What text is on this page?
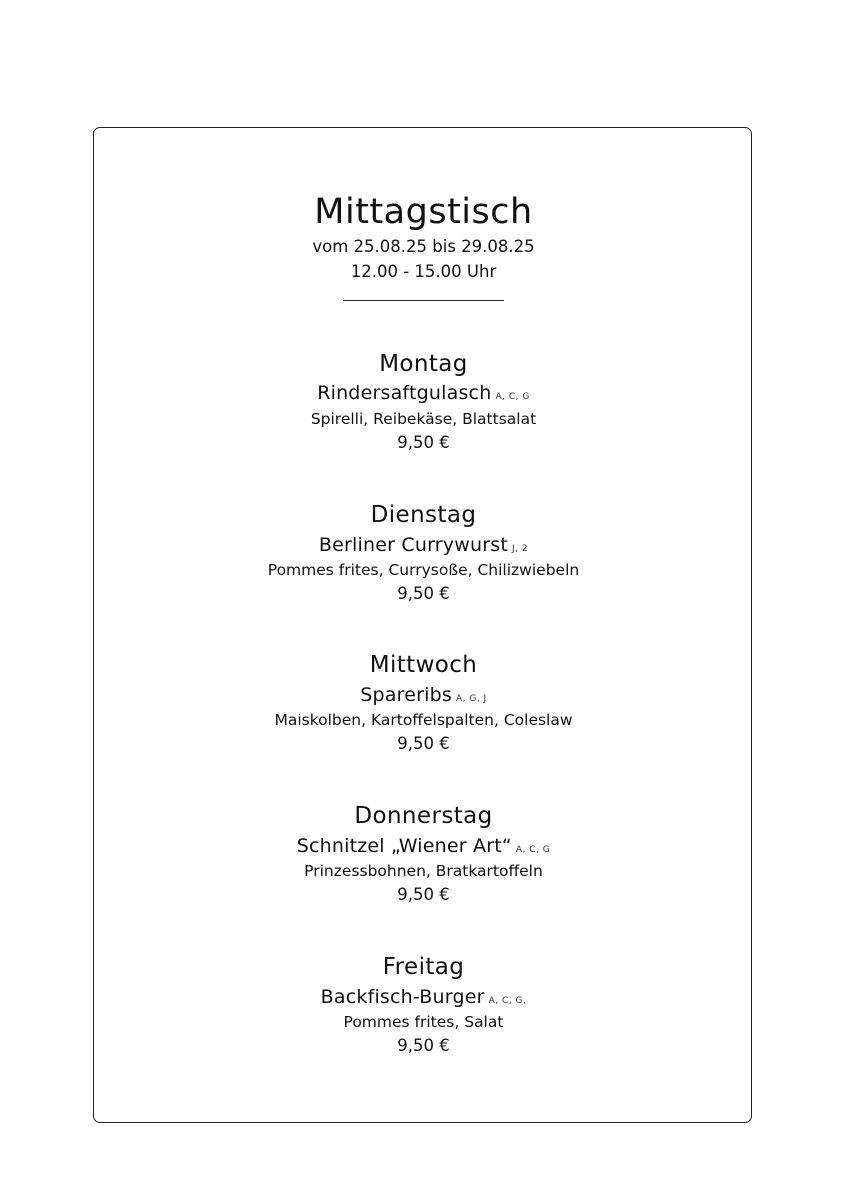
Mittagstisch
vom 25.08.25 bis 29.08.25
12.00 - 15.00 Uhr
Montag
Rindersaftgulasch A, C, G
Spirelli, Reibekäse, Blattsalat
9,50 €
Dienstag
Berliner Currywurst J, 2
Pommes frites, Currysoße, Chilizwiebeln
9,50 €
Mittwoch
Spareribs A, G, J
Maiskolben, Kartoffelspalten, Coleslaw
9,50 €
Donnerstag
Schnitzel „Wiener Art“ A, C, G
Prinzessbohnen, Bratkartoffeln
9,50 €
Freitag
Backfisch-Burger A, C, G,
Pommes frites, Salat
9,50 €
